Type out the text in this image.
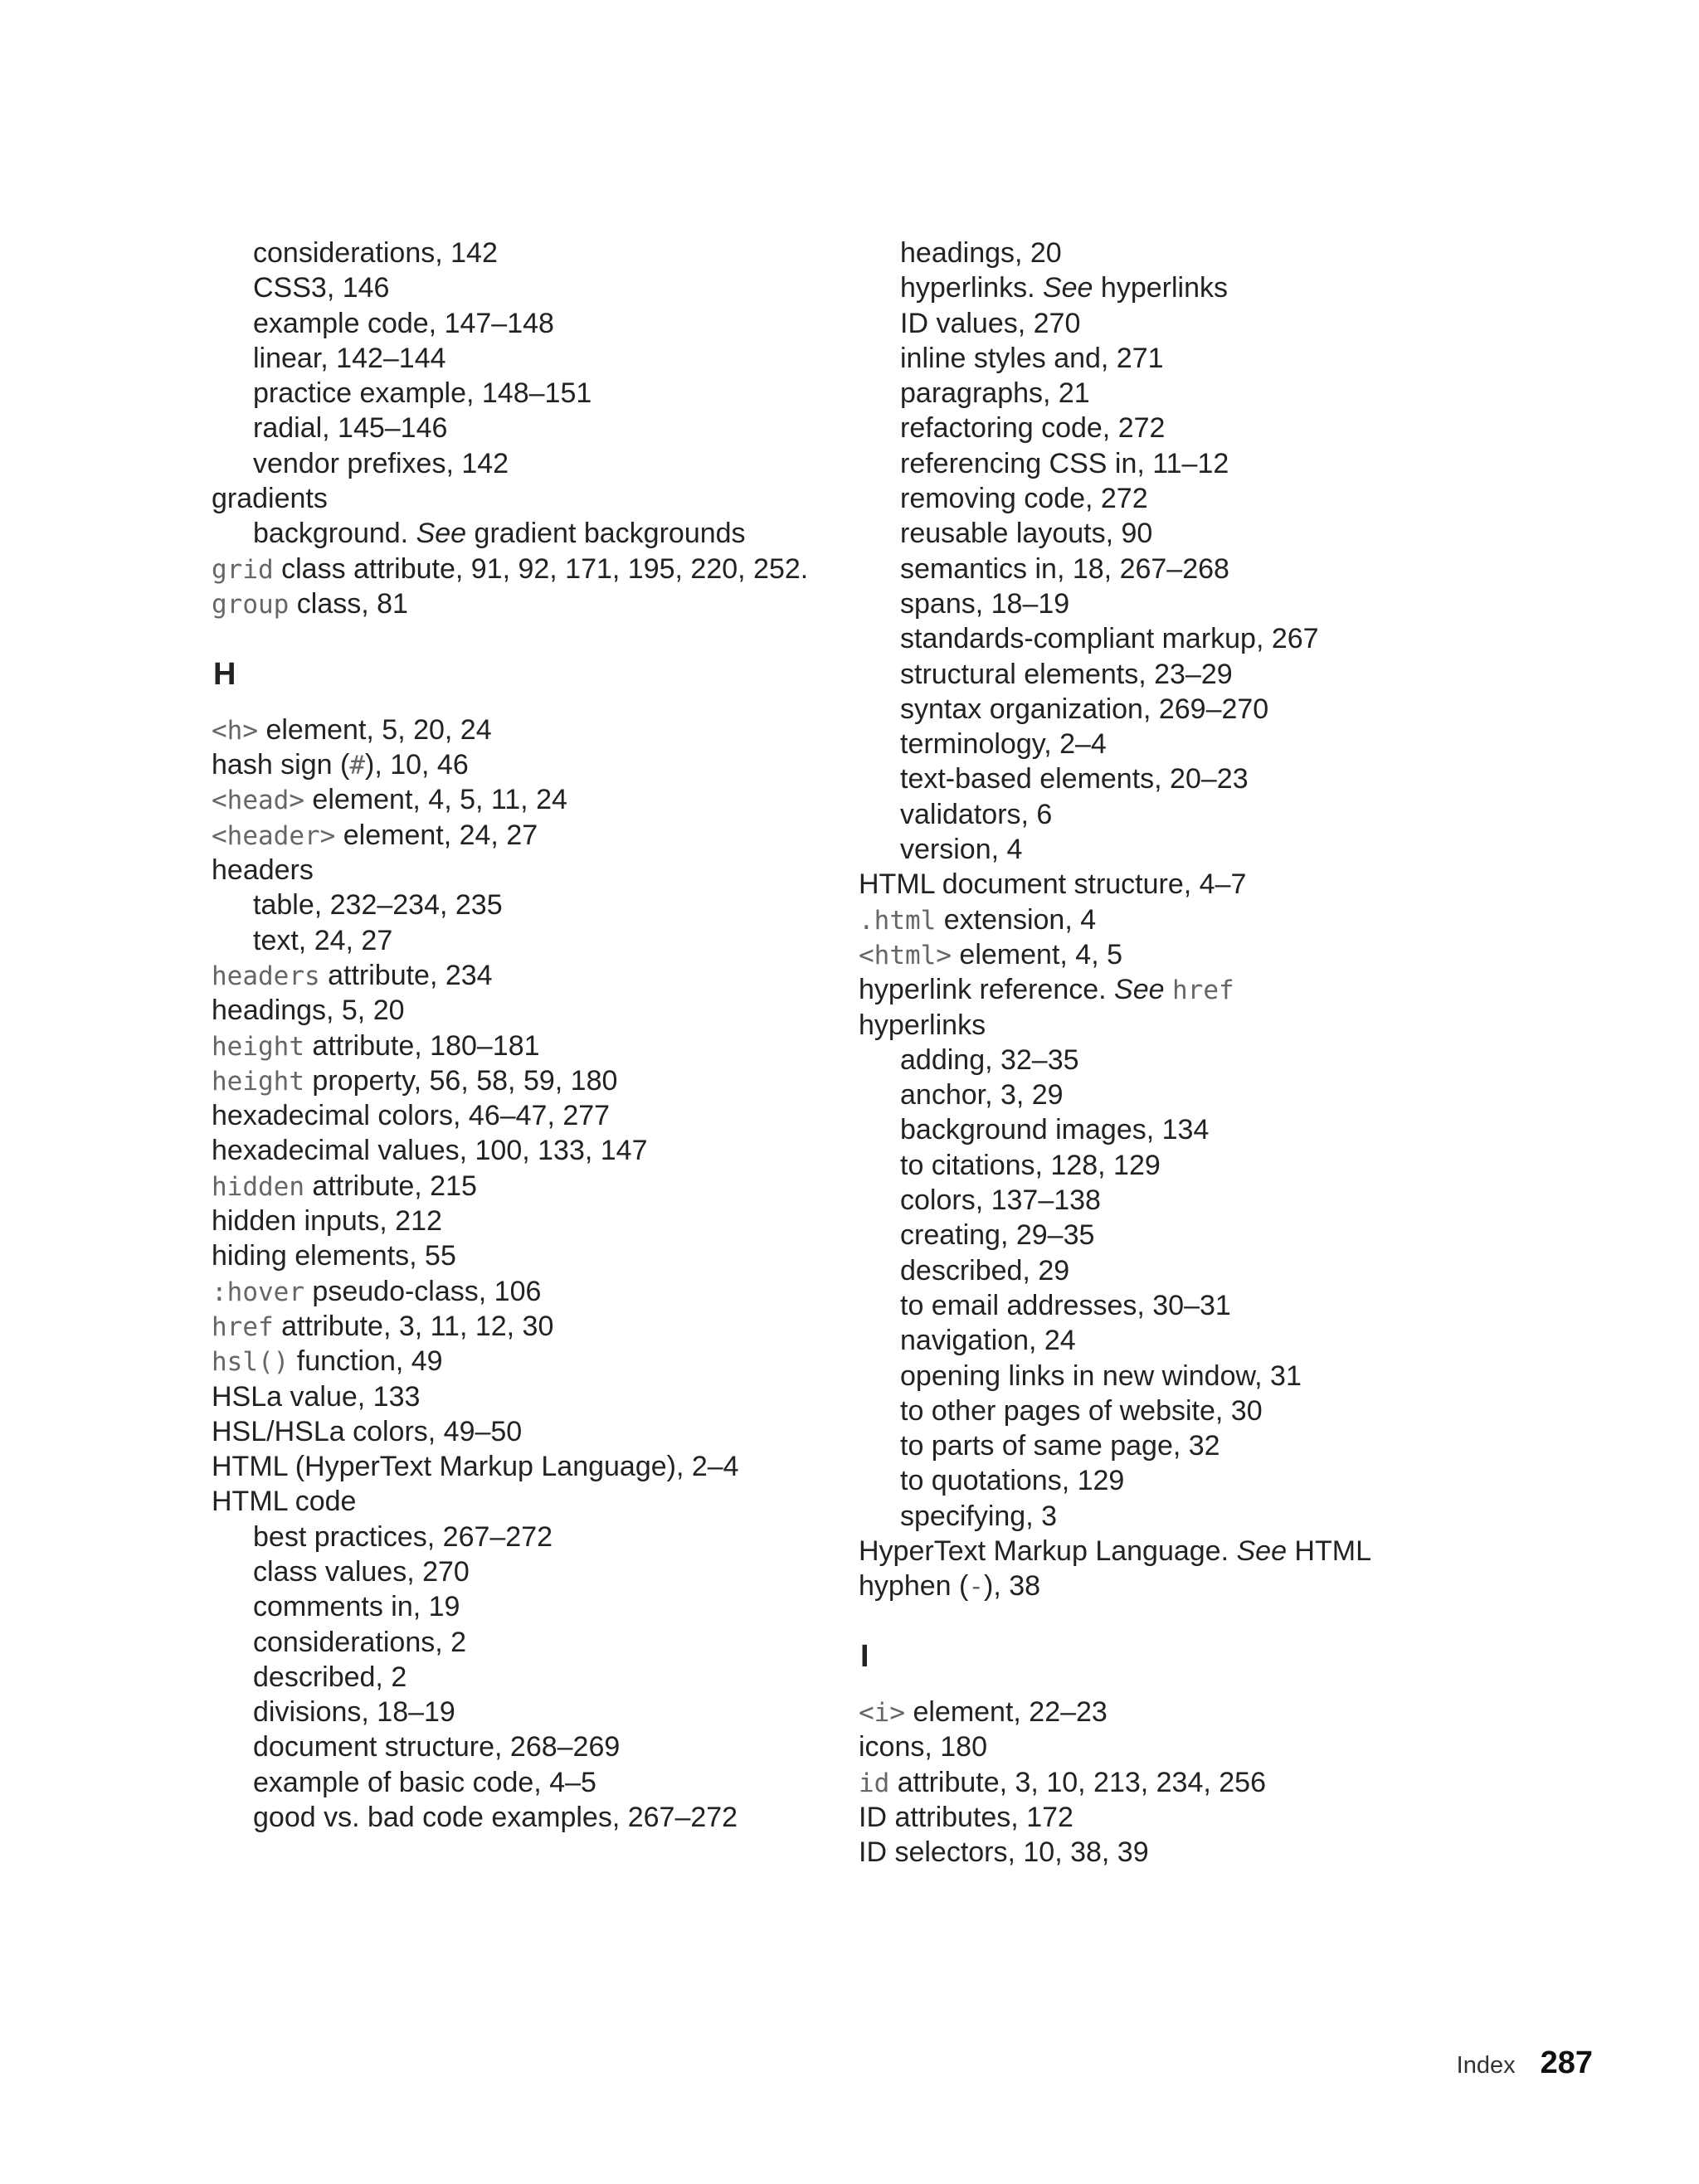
considerations, 142
CSS3, 146
example code, 147–148
linear, 142–144
practice example, 148–151
radial, 145–146
vendor prefixes, 142
gradients
background. See gradient backgrounds
grid class attribute, 91, 92, 171, 195, 220, 252.
group class, 81
H
<h> element, 5, 20, 24
hash sign (#), 10, 46
<head> element, 4, 5, 11, 24
<header> element, 24, 27
headers
table, 232–234, 235
text, 24, 27
headers attribute, 234
headings, 5, 20
height attribute, 180–181
height property, 56, 58, 59, 180
hexadecimal colors, 46–47, 277
hexadecimal values, 100, 133, 147
hidden attribute, 215
hidden inputs, 212
hiding elements, 55
:hover pseudo-class, 106
href attribute, 3, 11, 12, 30
hsl() function, 49
HSLa value, 133
HSL/HSLa colors, 49–50
HTML (HyperText Markup Language), 2–4
HTML code
best practices, 267–272
class values, 270
comments in, 19
considerations, 2
described, 2
divisions, 18–19
document structure, 268–269
example of basic code, 4–5
good vs. bad code examples, 267–272
headings, 20
hyperlinks. See hyperlinks
ID values, 270
inline styles and, 271
paragraphs, 21
refactoring code, 272
referencing CSS in, 11–12
removing code, 272
reusable layouts, 90
semantics in, 18, 267–268
spans, 18–19
standards-compliant markup, 267
structural elements, 23–29
syntax organization, 269–270
terminology, 2–4
text-based elements, 20–23
validators, 6
version, 4
HTML document structure, 4–7
.html extension, 4
<html> element, 4, 5
hyperlink reference. See href
hyperlinks
adding, 32–35
anchor, 3, 29
background images, 134
to citations, 128, 129
colors, 137–138
creating, 29–35
described, 29
to email addresses, 30–31
navigation, 24
opening links in new window, 31
to other pages of website, 30
to parts of same page, 32
to quotations, 129
specifying, 3
HyperText Markup Language. See HTML
hyphen (-), 38
I
<i> element, 22–23
icons, 180
id attribute, 3, 10, 213, 234, 256
ID attributes, 172
ID selectors, 10, 38, 39
Index 287
